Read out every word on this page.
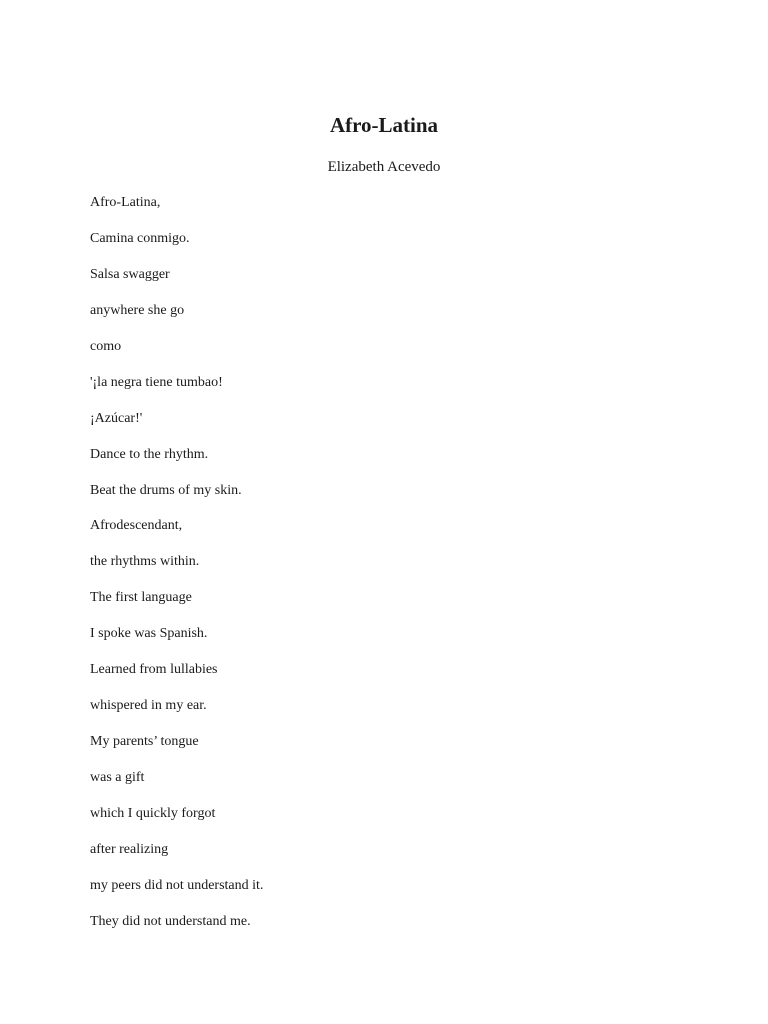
Afro-Latina

Elizabeth Acevedo

Afro-Latina,
Camina conmigo.
Salsa swagger
anywhere she go
como
'¡la negra tiene tumbao!
¡Azúcar!'
Dance to the rhythm.
Beat the drums of my skin.
Afrodescendant,
the rhythms within.
The first language
I spoke was Spanish.
Learned from lullabies
whispered in my ear.
My parents’ tongue
was a gift
which I quickly forgot
after realizing
my peers did not understand it.
They did not understand me.
